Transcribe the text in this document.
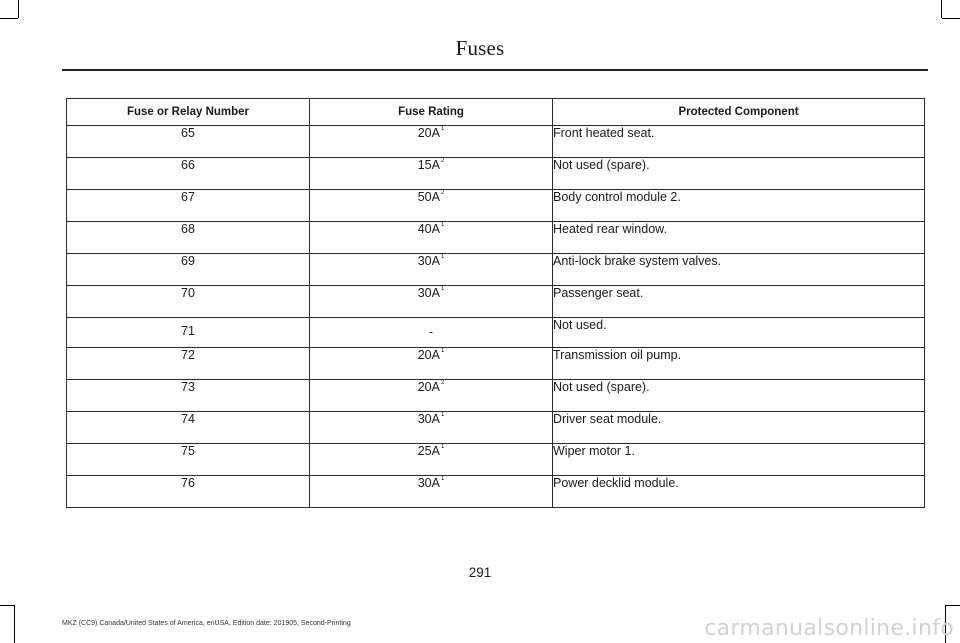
Fuses
Fuse or Relay Number	Fuse Rating	Protected Component
65	$20A^1$	Front heated seat.
66	$15A^2$	Not used (spare).
67	$50A^2$	Body control module 2.
68	$40A^1$	Heated rear window.
69	$30A^1$	Anti-lock brake system valves.
70	$30A^1$	Passenger seat.
71	-	Not used.
72	$20A^1$	Transmission oil pump.
73	$20A^2$	Not used (spare).
74	$30A^1$	Driver seat module.
75	$25A^1$	Wiper motor 1.
76	$30A^1$	Power decklid module.
291
MKZ (CC9) Canada/United States of America, enUSA, Edition date: 201905, Second-Printing	carmanualsonline.info
